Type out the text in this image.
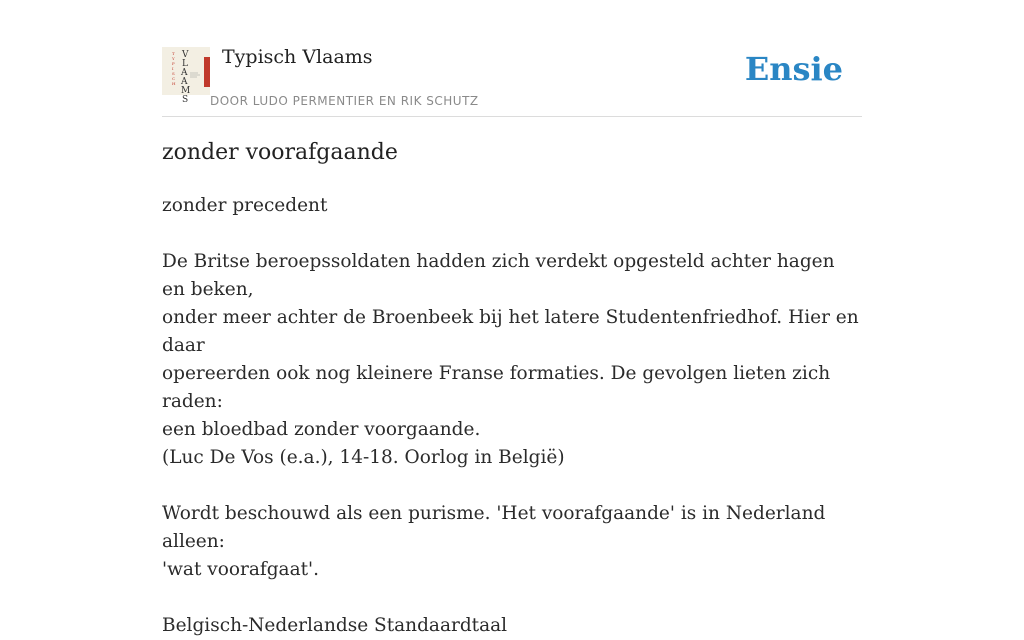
T
Y
P
I
S
C
H
V
L
A
A
M
S
Typisch Vlaams
DOOR LUDO PERMENTIER EN RIK SCHUTZ
Ensie
zonder voorafgaande

zonder precedent

De Britse beroepssoldaten hadden zich verdekt opgesteld achter hagen en beken,

onder meer achter de Broenbeek bij het latere Studentenfriedhof. Hier en daar

opereerden ook nog kleinere Franse formaties. De gevolgen lieten zich raden:

een bloedbad zonder voorgaande.

(Luc De Vos (e.a.), 14-18. Oorlog in België)

Wordt beschouwd als een purisme. 'Het voorafgaande' is in Nederland alleen:

'wat voorafgaat'.

Belgisch-Nederlandse Standaardtaal
